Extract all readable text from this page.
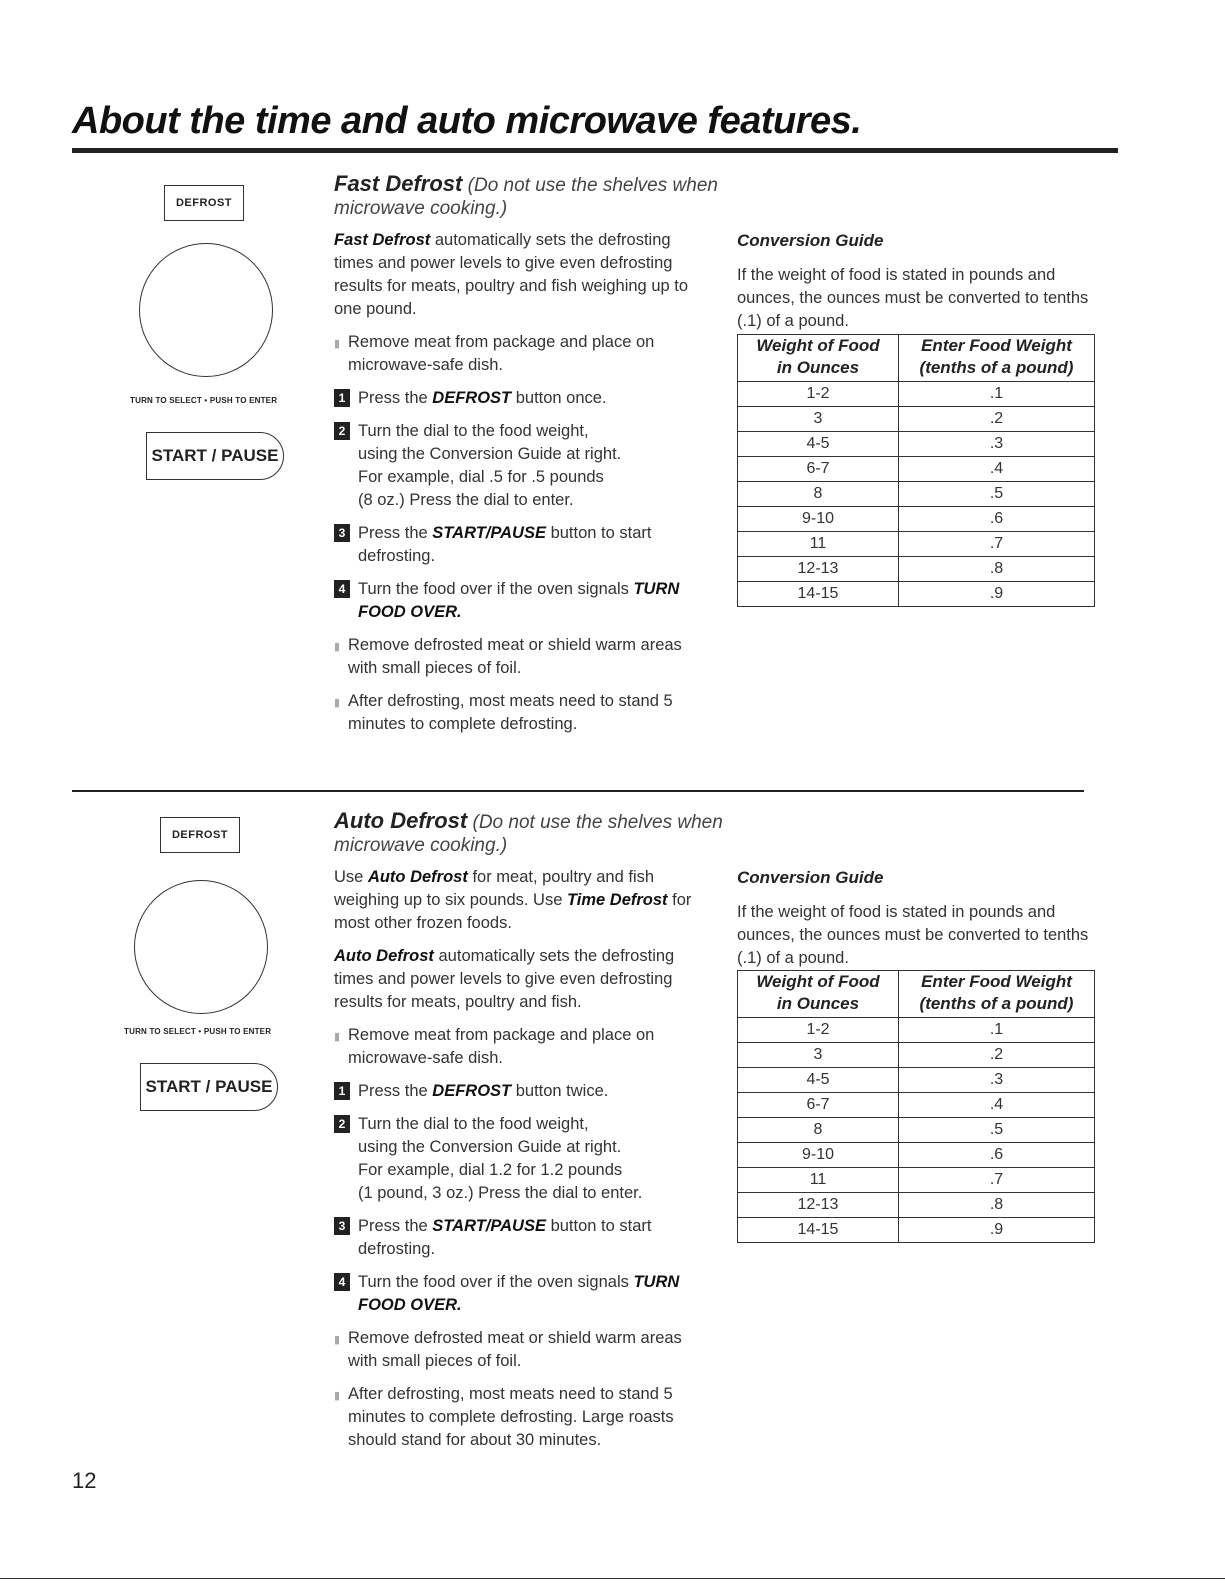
About the time and auto microwave features.
DEFROST
TURN TO SELECT • PUSH TO ENTER
START / PAUSE
Fast Defrost (Do not use the shelves when microwave cooking.)

Fast Defrost automatically sets the defrosting times and power levels to give even defrosting results for meats, poultry and fish weighing up to one pound.

▮ Remove meat from package and place on microwave-safe dish.

1 Press the DEFROST button once.

2 Turn the dial to the food weight,
using the Conversion Guide at right.
For example, dial .5 for .5 pounds
(8 oz.) Press the dial to enter.

3 Press the START/PAUSE button to start defrosting.

4 Turn the food over if the oven signals TURN FOOD OVER.

▮ Remove defrosted meat or shield warm areas with small pieces of foil.

▮ After defrosting, most meats need to stand 5 minutes to complete defrosting.

Conversion Guide
If the weight of food is stated in pounds and ounces, the ounces must be converted to tenths (.1) of a pound.
Weight of Food
in Ounces	Enter Food Weight
(tenths of a pound)
1-2	.1
3	.2
4-5	.3
6-7	.4
8	.5
9-10	.6
11	.7
12-13	.8
14-15	.9
DEFROST
TURN TO SELECT • PUSH TO ENTER
START / PAUSE
Auto Defrost (Do not use the shelves when microwave cooking.)

Use Auto Defrost for meat, poultry and fish weighing up to six pounds. Use Time Defrost for most other frozen foods.

Auto Defrost automatically sets the defrosting times and power levels to give even defrosting results for meats, poultry and fish.

▮ Remove meat from package and place on microwave-safe dish.

1 Press the DEFROST button twice.

2 Turn the dial to the food weight,
using the Conversion Guide at right.
For example, dial 1.2 for 1.2 pounds
(1 pound, 3 oz.) Press the dial to enter.

3 Press the START/PAUSE button to start defrosting.

4 Turn the food over if the oven signals TURN FOOD OVER.

▮ Remove defrosted meat or shield warm areas with small pieces of foil.

▮ After defrosting, most meats need to stand 5 minutes to complete defrosting. Large roasts should stand for about 30 minutes.

Conversion Guide
If the weight of food is stated in pounds and ounces, the ounces must be converted to tenths (.1) of a pound.
Weight of Food
in Ounces	Enter Food Weight
(tenths of a pound)
1-2	.1
3	.2
4-5	.3
6-7	.4
8	.5
9-10	.6
11	.7
12-13	.8
14-15	.9
12
